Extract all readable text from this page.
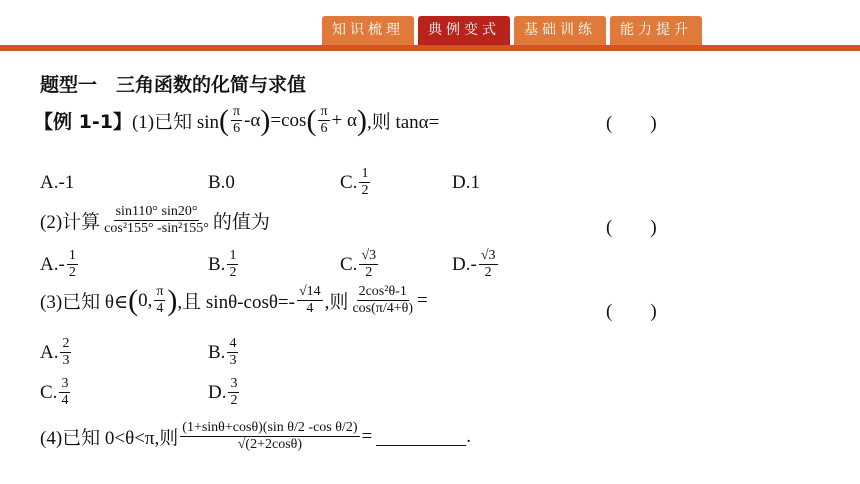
知识梳理	典例变式	基础训练	能力提升
题型一　三角函数的化简与求值
【例 1-1】 (1)已知 sin ( $\frac{\pi}{6} -\alpha$ ) =cos ( $\frac{\pi}{6} + \alpha$ ) ,则 tanα=	(　　)
A.-1	B.0	C. $\frac{1}{2}$	D.1
(2)计算 $\frac{\sin 110^\circ \sin 20^\circ}{\text{cos²155° -sin²155°}}$ 的值为	(　　)
$A.- \frac{1}{2}$	B. $\frac{1}{2}$	C. $\frac{√3}{2}$	$D.- \frac{√3}{2}$
(3)已知 θ∈ ( 0, $\frac{\pi}{4}$ ) ,且 $\sin\theta-\cos\theta=- \frac{√14}{4}$ ,则 $\frac{\text{2cos²θ-1}}{\cos(\pi/4+\theta)}$ =
(　　)
A. $\frac{2}{3}$	B. $\frac{4}{3}$
C. $\frac{3}{4}$	D. $\frac{3}{2}$
(4)已知 0<θ<π,则 $\frac{\text{(1+sinθ+cosθ)(sin θ/2 -cos θ/2)}}{√(2+2\cos\theta)}$ =	.
